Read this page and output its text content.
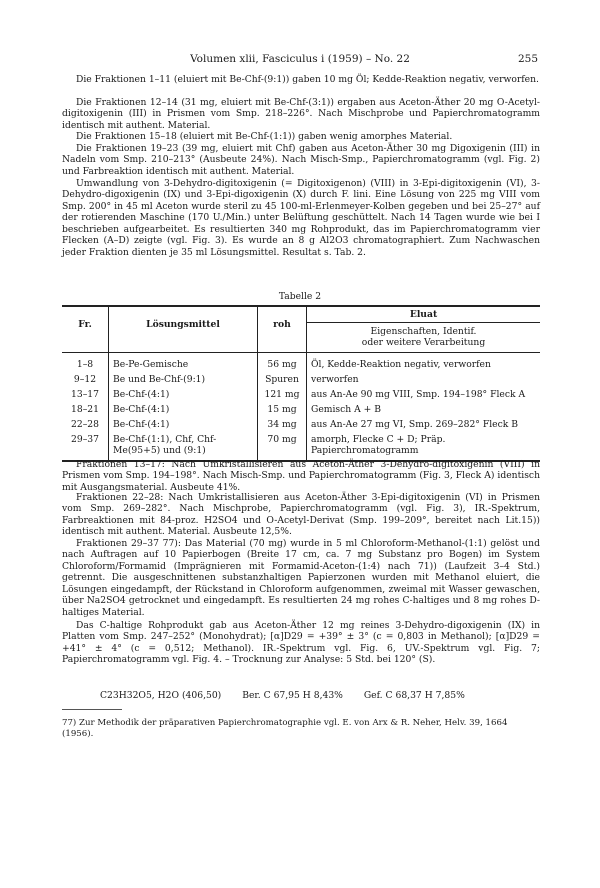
Volumen xlii, Fasciculus i (1959) – No. 22	255

Die Fraktionen 1–11 (eluiert mit Be-Chf-(9:1)) gaben 10 mg Öl; Kedde-Reaktion negativ, verworfen.

Die Fraktionen 12–14 (31 mg, eluiert mit Be-Chf-(3:1)) ergaben aus Aceton-Äther 20 mg O-Acetyl-digitoxigenin (III) in Prismen vom Smp. 218–226°. Nach Mischprobe und Papierchromatogramm identisch mit authent. Material.

Die Fraktionen 15–18 (eluiert mit Be-Chf-(1:1)) gaben wenig amorphes Material.

Die Fraktionen 19–23 (39 mg, eluiert mit Chf) gaben aus Aceton-Äther 30 mg Digoxigenin (III) in Nadeln vom Smp. 210–213° (Ausbeute 24%). Nach Misch-Smp., Papierchromatogramm (vgl. Fig. 2) und Farbreaktion identisch mit authent. Material.

Umwandlung von 3-Dehydro-digitoxigenin (= Digitoxigenon) (VIII) in 3-Epi-digitoxigenin (VI), 3-Dehydro-digoxigenin (IX) und 3-Epi-digoxigenin (X) durch F. lini. Eine Lösung von 225 mg VIII vom Smp. 200° in 45 ml Aceton wurde steril zu 45 100-ml-Erlenmeyer-Kolben gegeben und bei 25–27° auf der rotierenden Maschine (170 U./Min.) unter Belüftung geschüttelt. Nach 14 Tagen wurde wie bei I beschrieben aufgearbeitet. Es resultierten 340 mg Rohprodukt, das im Papierchromatogramm vier Flecken (A–D) zeigte (vgl. Fig. 3). Es wurde an 8 g Al2O3 chromatographiert. Zum Nachwaschen jeder Fraktion dienten je 35 ml Lösungsmittel. Resultat s. Tab. 2.

Tabelle 2
Fr.	Lösungsmittel	roh	Eluat

			Eigenschaften, Identif.
oder weitere Verarbeitung

1–8	Be-Pe-Gemische	56 mg	Öl, Kedde-Reaktion negativ, verworfen
9–12	Be und Be-Chf-(9:1)	Spuren	verworfen
13–17	Be-Chf-(4:1)	121 mg	aus An-Ae 90 mg VIII, Smp. 194–198° Fleck A
18–21	Be-Chf-(4:1)	15 mg	Gemisch A + B
22–28	Be-Chf-(4:1)	34 mg	aus An-Ae 27 mg VI, Smp. 269–282° Fleck B
29–37	Be-Chf-(1:1), Chf, Chf-Me(95+5) und (9:1)	70 mg	amorph, Flecke C + D; Präp. Papierchromatogramm

Fraktionen 13–17: Nach Umkristallisieren aus Aceton-Äther 3-Dehydro-digitoxigenin (VIII) in Prismen vom Smp. 194–198°. Nach Misch-Smp. und Papierchromatogramm (Fig. 3, Fleck A) identisch mit Ausgangsmaterial. Ausbeute 41%.

Fraktionen 22–28: Nach Umkristallisieren aus Aceton-Äther 3-Epi-digitoxigenin (VI) in Prismen vom Smp. 269–282°. Nach Mischprobe, Papierchromatogramm (vgl. Fig. 3), IR.-Spektrum, Farbreaktionen mit 84-proz. H2SO4 und O-Acetyl-Derivat (Smp. 199–209°, bereitet nach Lit.15)) identisch mit authent. Material. Ausbeute 12,5%.

Fraktionen 29–37 77): Das Material (70 mg) wurde in 5 ml Chloroform-Methanol-(1:1) gelöst und nach Auftragen auf 10 Papierbogen (Breite 17 cm, ca. 7 mg Substanz pro Bogen) im System Chloroform/Formamid (Imprägnieren mit Formamid-Aceton-(1:4) nach 71)) (Laufzeit 3–4 Std.) getrennt. Die ausgeschnittenen substanzhaltigen Papierzonen wurden mit Methanol eluiert, die Lösungen eingedampft, der Rückstand in Chloroform aufgenommen, zweimal mit Wasser gewaschen, über Na2SO4 getrocknet und eingedampft. Es resultierten 24 mg rohes C-haltiges und 8 mg rohes D-haltiges Material.

Das C-haltige Rohprodukt gab aus Aceton-Äther 12 mg reines 3-Dehydro-digoxigenin (IX) in Platten vom Smp. 247–252° (Monohydrat); [α]D29 = +39° ± 3° (c = 0,803 in Methanol); [α]D29 = +41° ± 4° (c = 0,512; Methanol). IR.-Spektrum vgl. Fig. 6, UV.-Spektrum vgl. Fig. 7; Papierchromatogramm vgl. Fig. 4. – Trocknung zur Analyse: 5 Std. bei 120° (S).

C23H32O5, H2O (406,50) Ber. C 67,95 H 8,43% Gef. C 68,37 H 7,85%

77) Zur Methodik der präparativen Papierchromatographie vgl. E. von Arx & R. Neher, Helv. 39, 1664 (1956).
